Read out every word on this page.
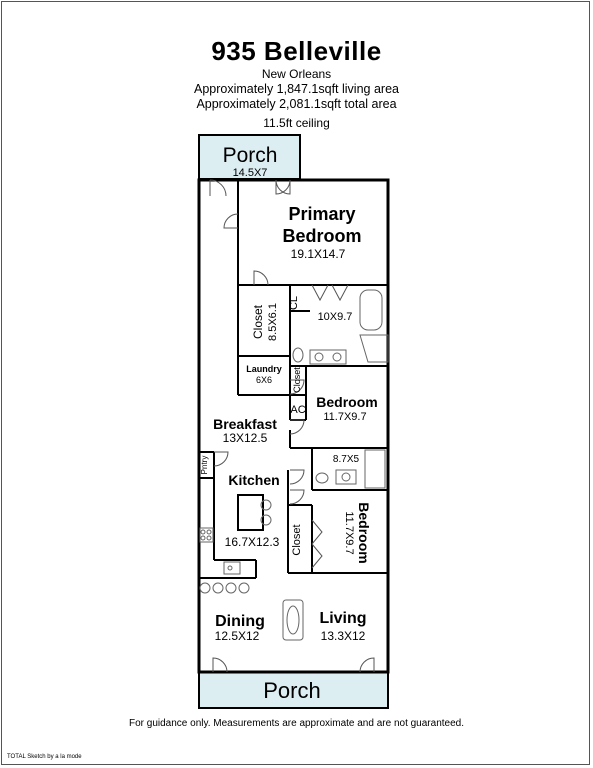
935 Belleville
New Orleans
Approximately 1,847.1sqft living area
Approximately 2,081.1sqft total area
11.5ft ceiling
Porch
14.5X7
Primary
Bedroom
19.1X14.7
Closet 8.5X6.1
CL
10X9.7
Laundry
6X6 Closet
AC Bedroom
11.7X9.7
Breakfast
13X12.5
Pntry	8.7X5
Kitchen
16.7X12.3 Closet	Bedroom
11.7X9.7
Dining
12.5X12
Living
13.3X12
Porch
For guidance only. Measurements are approximate and are not guaranteed.
TOTAL Sketch by a la mode
